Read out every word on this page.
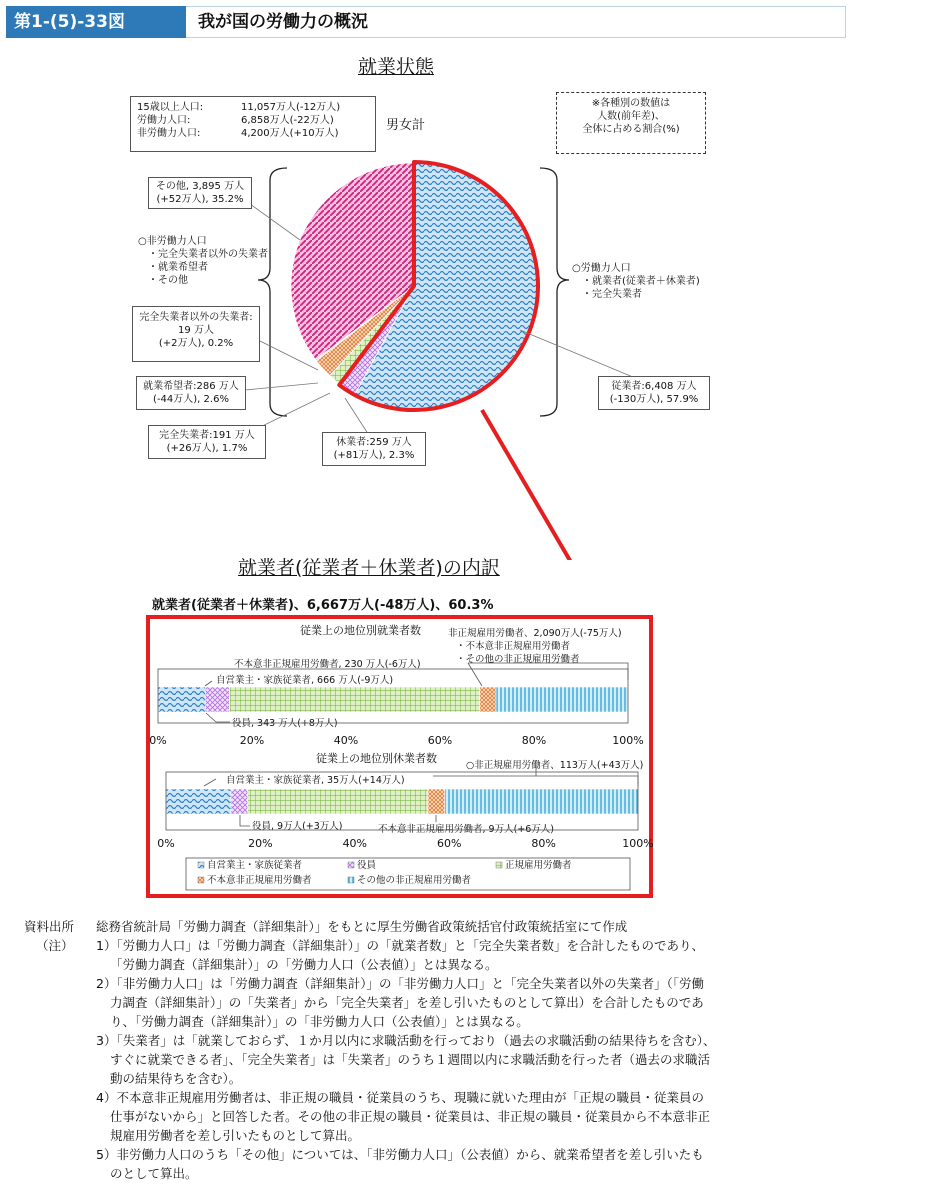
第1-(5)-33図	我が国の労働力の概況
就業状態
15歳以上人口:	11,057万人(-12万人)
労働力人口:	6,858万人(-22万人)
非労働力人口:	4,200万人(+10万人)
男女計
※各種別の数値は
人数(前年差)、
全体に占める割合(%)
その他, 3,895 万人
(+52万人), 35.2%
○非労働力人口
・完全失業者以外の失業者
・就業希望者
・その他
完全失業者以外の失業者:
19 万人
(+2万人), 0.2%
就業希望者:286 万人
(-44万人), 2.6%
完全失業者:191 万人
(+26万人), 1.7%
休業者:259 万人
(+81万人), 2.3%
○労働力人口
・就業者(従業者＋休業者)
・完全失業者
従業者:6,408 万人
(-130万人), 57.9%
就業者(従業者＋休業者)の内訳
就業者(従業者＋休業者)、6,667万人(-48万人)、60.3%
従業上の地位別就業者数	非正規雇用労働者、2,090万人(-75万人)
・不本意非正規雇用労働者
・その他の非正規雇用労働者
不本意非正規雇用労働者, 230 万人(-6万人)
自営業主・家族従業者, 666 万人(-9万人)
役員, 343 万人(+8万人)
従業上の地位別休業者数
○非正規雇用労働者、113万人(+43万人)
自営業主・家族従業者, 35万人(+14万人)
役員, 9万人(+3万人)	不本意非正規雇用労働者, 9万人(+6万人)
0%	20%	40%	60%	80%	100%
0%	20%	40%	60%	80%	100%
自営業主・家族従業者	役員	正規雇用労働者
不本意非正規雇用労働者	その他の非正規雇用労働者
資料出所 総務省統計局「労働力調査（詳細集計）」をもとに厚生労働省政策統括官付政策統括室にて作成
（注） 1）「労働力人口」は「労働力調査（詳細集計）」の「就業者数」と「完全失業者数」を合計したものであり、
「労働力調査（詳細集計）」の「労働力人口（公表値）」とは異なる。
2）「非労働力人口」は「労働力調査（詳細集計）」の「非労働力人口」と「完全失業者以外の失業者」（「労働
力調査（詳細集計）」の「失業者」から「完全失業者」を差し引いたものとして算出）を合計したものであ
り、「労働力調査（詳細集計）」の「非労働力人口（公表値）」とは異なる。
3）「失業者」は「就業しておらず、１か月以内に求職活動を行っており（過去の求職活動の結果待ちを含む）、
すぐに就業できる者」、「完全失業者」は「失業者」のうち１週間以内に求職活動を行った者（過去の求職活
動の結果待ちを含む）。
4）不本意非正規雇用労働者は、非正規の職員・従業員のうち、現職に就いた理由が「正規の職員・従業員の
仕事がないから」と回答した者。その他の非正規の職員・従業員は、非正規の職員・従業員から不本意非正
規雇用労働者を差し引いたものとして算出。
5）非労働力人口のうち「その他」については、「非労働力人口」（公表値）から、就業希望者を差し引いたも
のとして算出。
